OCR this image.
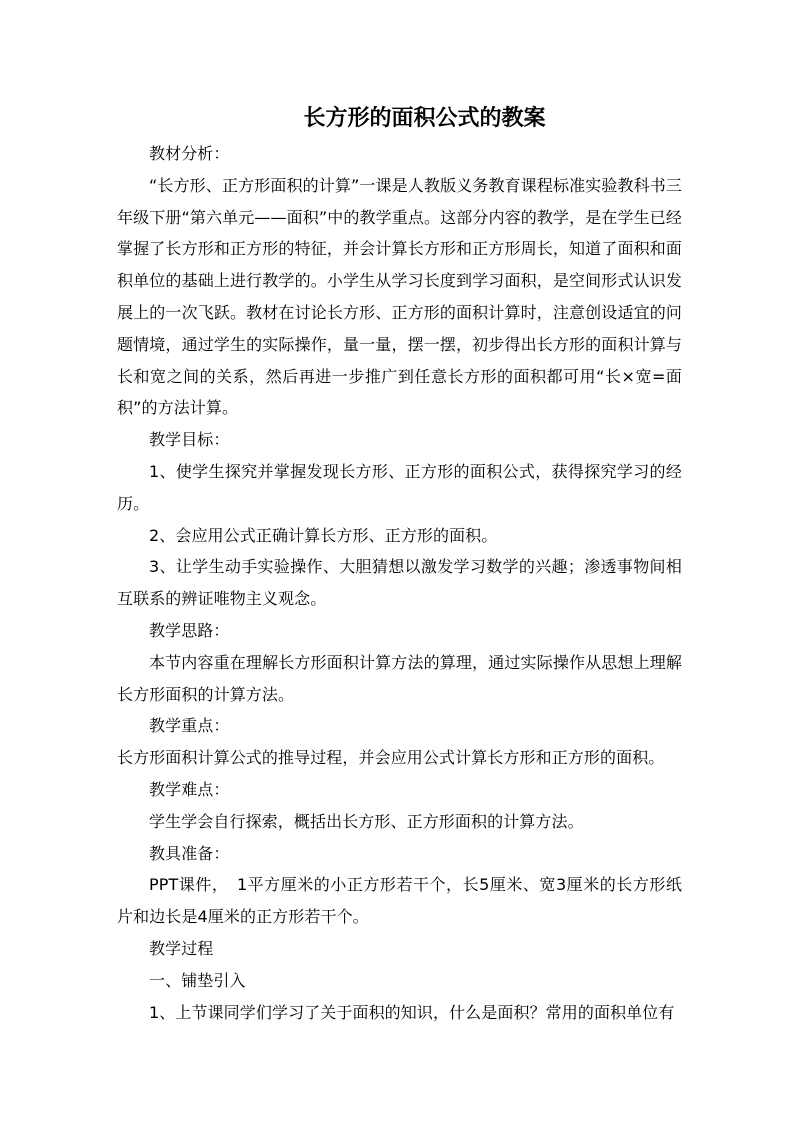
长方形的面积公式的教案

教材分析：

“长方形、正方形面积的计算”一课是人教版义务教育课程标准实验教科书三年级下册“第六单元——面积”中的教学重点。这部分内容的教学，是在学生已经掌握了长方形和正方形的特征，并会计算长方形和正方形周长，知道了面积和面积单位的基础上进行教学的。小学生从学习长度到学习面积，是空间形式认识发展上的一次飞跃。教材在讨论长方形、正方形的面积计算时，注意创设适宜的问题情境，通过学生的实际操作，量一量，摆一摆，初步得出长方形的面积计算与长和宽之间的关系，然后再进一步推广到任意长方形的面积都可用“长×宽=面积”的方法计算。

教学目标：

1、使学生探究并掌握发现长方形、正方形的面积公式，获得探究学习的经历。

2、会应用公式正确计算长方形、正方形的面积。

3、让学生动手实验操作、大胆猜想以激发学习数学的兴趣；渗透事物间相互联系的辨证唯物主义观念。

教学思路：

本节内容重在理解长方形面积计算方法的算理，通过实际操作从思想上理解长方形面积的计算方法。

教学重点：

长方形面积计算公式的推导过程，并会应用公式计算长方形和正方形的面积。

教学难点：

学生学会自行探索，概括出长方形、正方形面积的计算方法。

教具准备：

PPT课件，　1平方厘米的小正方形若干个，长5厘米、宽3厘米的长方形纸片和边长是4厘米的正方形若干个。

教学过程

一、铺垫引入

1、上节课同学们学习了关于面积的知识，什么是面积？常用的面积单位有
